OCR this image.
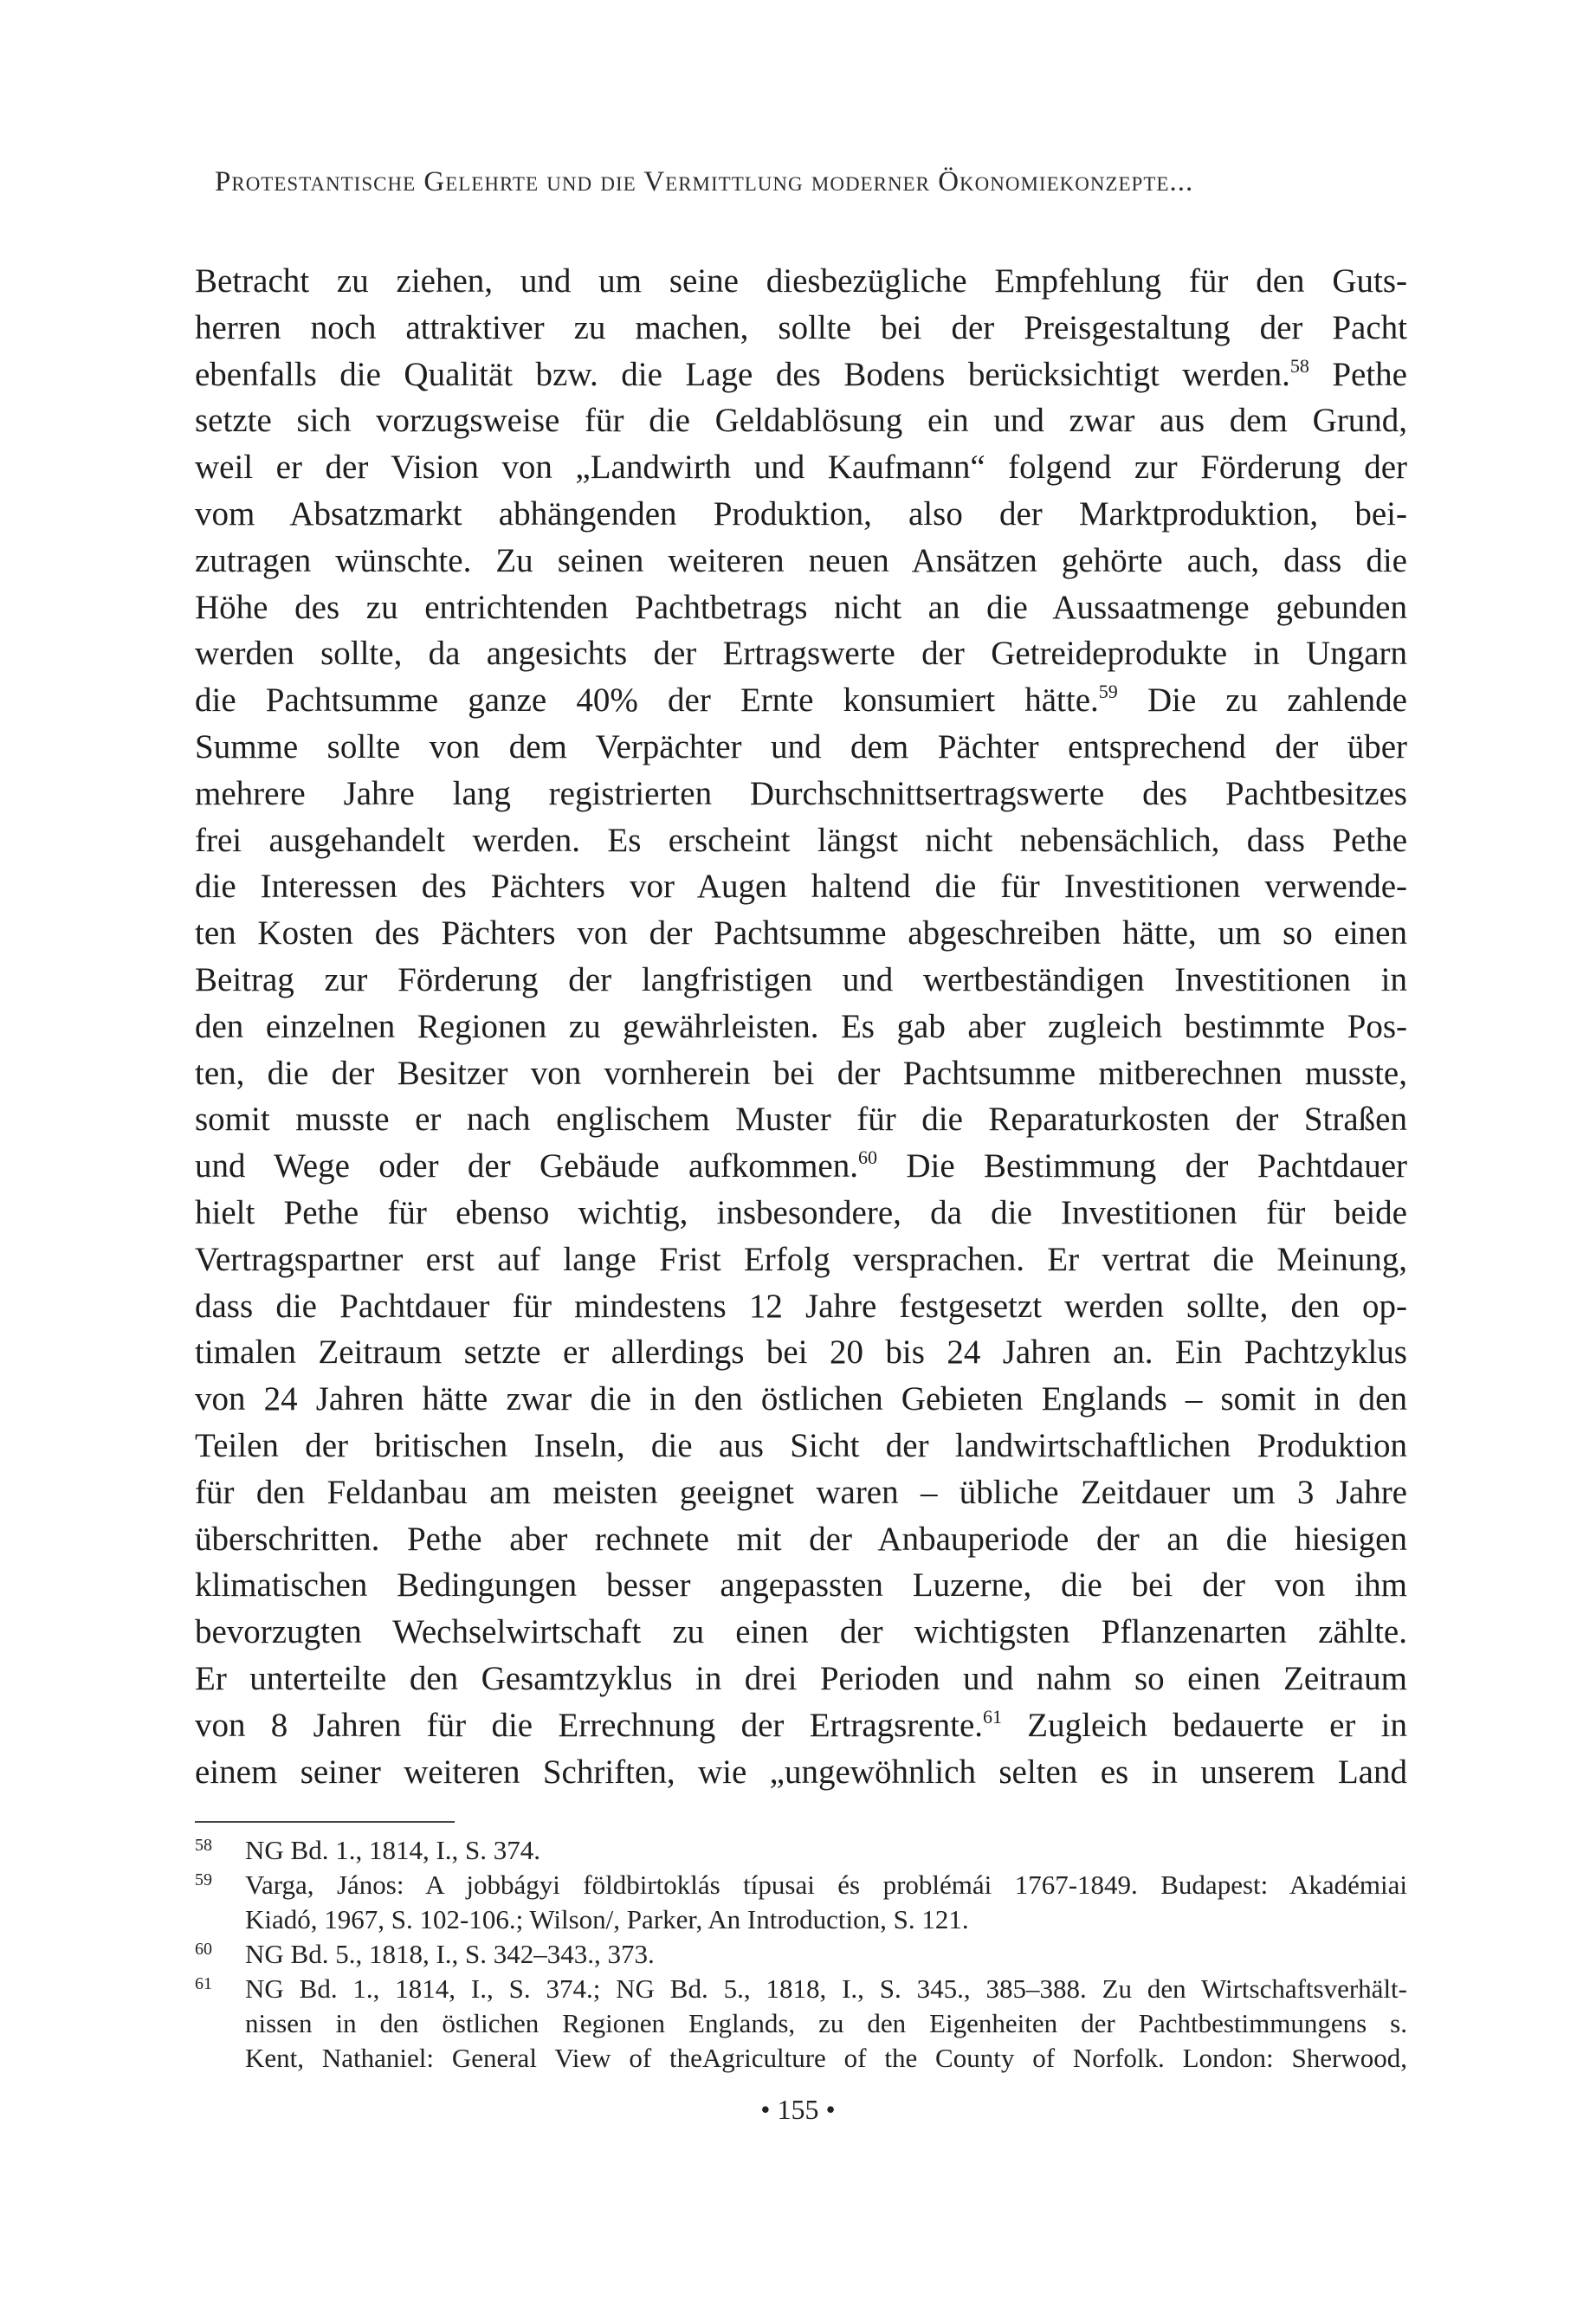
Protestantische Gelehrte und die Vermittlung moderner Ökonomiekonzepte...
Betracht zu ziehen, und um seine diesbezügliche Empfehlung für den Guts-
herren noch attraktiver zu machen, sollte bei der Preisgestaltung der Pacht
ebenfalls die Qualität bzw. die Lage des Bodens berücksichtigt werden.$^{58}$ Pethe
setzte sich vorzugsweise für die Geldablösung ein und zwar aus dem Grund,
weil er der Vision von „Landwirth und Kaufmann“ folgend zur Förderung der
vom Absatzmarkt abhängenden Produktion, also der Marktproduktion, bei-
zutragen wünschte. Zu seinen weiteren neuen Ansätzen gehörte auch, dass die
Höhe des zu entrichtenden Pachtbetrags nicht an die Aussaatmenge gebunden
werden sollte, da angesichts der Ertragswerte der Getreideprodukte in Ungarn
die Pachtsumme ganze 40% der Ernte konsumiert hätte.$^{59}$ Die zu zahlende
Summe sollte von dem Verpächter und dem Pächter entsprechend der über
mehrere Jahre lang registrierten Durchschnittsertragswerte des Pachtbesitzes
frei ausgehandelt werden. Es erscheint längst nicht nebensächlich, dass Pethe
die Interessen des Pächters vor Augen haltend die für Investitionen verwende-
ten Kosten des Pächters von der Pachtsumme abgeschreiben hätte, um so einen
Beitrag zur Förderung der langfristigen und wertbeständigen Investitionen in
den einzelnen Regionen zu gewährleisten. Es gab aber zugleich bestimmte Pos-
ten, die der Besitzer von vornherein bei der Pachtsumme mitberechnen musste,
somit musste er nach englischem Muster für die Reparaturkosten der Straßen
und Wege oder der Gebäude aufkommen.$^{60}$ Die Bestimmung der Pachtdauer
hielt Pethe für ebenso wichtig, insbesondere, da die Investitionen für beide
Vertragspartner erst auf lange Frist Erfolg versprachen. Er vertrat die Meinung,
dass die Pachtdauer für mindestens 12 Jahre festgesetzt werden sollte, den op-
timalen Zeitraum setzte er allerdings bei 20 bis 24 Jahren an. Ein Pachtzyklus
von 24 Jahren hätte zwar die in den östlichen Gebieten Englands – somit in den
Teilen der britischen Inseln, die aus Sicht der landwirtschaftlichen Produktion
für den Feldanbau am meisten geeignet waren – übliche Zeitdauer um 3 Jahre
überschritten. Pethe aber rechnete mit der Anbauperiode der an die hiesigen
klimatischen Bedingungen besser angepassten Luzerne, die bei der von ihm
bevorzugten Wechselwirtschaft zu einen der wichtigsten Pflanzenarten zählte.
Er unterteilte den Gesamtzyklus in drei Perioden und nahm so einen Zeitraum
von 8 Jahren für die Errechnung der Ertragsrente.$^{61}$ Zugleich bedauerte er in
einem seiner weiteren Schriften, wie „ungewöhnlich selten es in unserem Land
58 NG Bd. 1., 1814, I., S. 374.
59 Varga, János: A jobbágyi földbirtoklás típusai és problémái 1767-1849. Budapest: Akadémiai
Kiadó, 1967, S. 102-106.; Wilson/, Parker, An Introduction, S. 121.
60 NG Bd. 5., 1818, I., S. 342–343., 373.
61 NG Bd. 1., 1814, I., S. 374.; NG Bd. 5., 1818, I., S. 345., 385–388. Zu den Wirtschaftsverhält-
nissen in den östlichen Regionen Englands, zu den Eigenheiten der Pachtbestimmungens s.
Kent, Nathaniel: General View of theAgriculture of the County of Norfolk. London: Sherwood,
• 155 •
